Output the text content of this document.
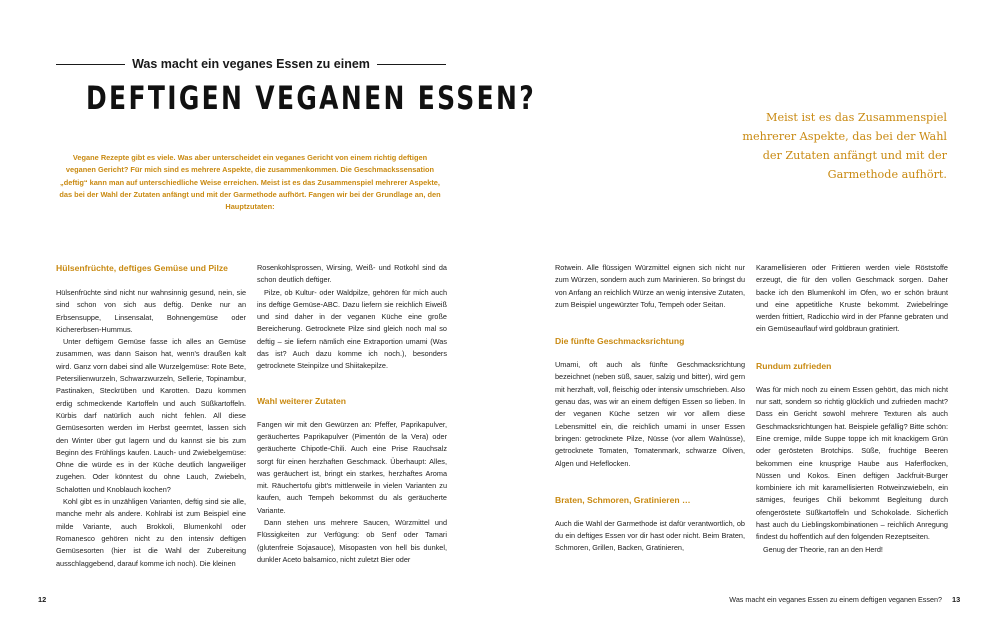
Was macht ein veganes Essen zu einem
DEFTIGEN VEGANEN ESSEN?
Vegane Rezepte gibt es viele. Was aber unterscheidet ein veganes Gericht von einem richtig deftigen veganen Gericht? Für mich sind es mehrere Aspekte, die zusammenkommen. Die Geschmackssensation „deftig“ kann man auf unterschiedliche Weise erreichen. Meist ist es das Zusammenspiel mehrerer Aspekte, das bei der Wahl der Zutaten anfängt und mit der Garmethode aufhört. Fangen wir bei der Grundlage an, den Hauptzutaten:
Meist ist es das Zusammenspiel mehrerer Aspekte, das bei der Wahl der Zutaten anfängt und mit der Garmethode aufhört.
Hülsenfrüchte, deftiges Gemüse und Pilze

Hülsenfrüchte sind nicht nur wahnsinnig gesund, nein, sie sind schon von sich aus deftig. Denke nur an Erbsensuppe, Linsensalat, Bohnengemüse oder Kichererbsen-Hummus.

Unter deftigem Gemüse fasse ich alles an Gemüse zusammen, was dann Saison hat, wenn's draußen kalt wird. Ganz vorn dabei sind alle Wurzelgemüse: Rote Bete, Petersilienwurzeln, Schwarzwurzeln, Sellerie, Topinambur, Pastinaken, Steckrüben und Karotten. Dazu kommen erdig schmeckende Kartoffeln und auch Süßkartoffeln. Kürbis darf natürlich auch nicht fehlen. All diese Gemüsesorten werden im Herbst geerntet, lassen sich den Winter über gut lagern und du kannst sie bis zum Beginn des Frühlings kaufen. Lauch- und Zwiebelgemüse: Ohne die würde es in der Küche deutlich langweiliger zugehen. Oder könntest du ohne Lauch, Zwiebeln, Schalotten und Knoblauch kochen?

Kohl gibt es in unzähligen Varianten, deftig sind sie alle, manche mehr als andere. Kohlrabi ist zum Beispiel eine milde Variante, auch Brokkoli, Blumenkohl oder Romanesco gehören nicht zu den intensiv deftigen Gemüsesorten (hier ist die Wahl der Zubereitung ausschlaggebend, darauf komme ich noch). Die kleinen

Rosenkohlsprossen, Wirsing, Weiß- und Rotkohl sind da schon deutlich deftiger.

Pilze, ob Kultur- oder Waldpilze, gehören für mich auch ins deftige Gemüse-ABC. Dazu liefern sie reichlich Eiweiß und sind daher in der veganen Küche eine große Bereicherung. Getrocknete Pilze sind gleich noch mal so deftig – sie liefern nämlich eine Extraportion umami (Was das ist? Auch dazu komme ich noch.), besonders getrocknete Steinpilze und Shiitakepilze.

Wahl weiterer Zutaten

Fangen wir mit den Gewürzen an: Pfeffer, Paprikapulver, geräuchertes Paprikapulver (Pimentón de la Vera) oder geräucherte Chipotle-Chili. Auch eine Prise Rauchsalz sorgt für einen herzhaften Geschmack. Überhaupt: Alles, was geräuchert ist, bringt ein starkes, herzhaftes Aroma mit. Räuchertofu gibt's mittlerweile in vielen Varianten zu kaufen, auch Tempeh bekommst du als geräucherte Variante.

Dann stehen uns mehrere Saucen, Würzmittel und Flüssigkeiten zur Verfügung: ob Senf oder Tamari (glutenfreie Sojasauce), Misopasten von hell bis dunkel, dunkler Aceto balsamico, nicht zuletzt Bier oder

Rotwein. Alle flüssigen Würzmittel eignen sich nicht nur zum Würzen, sondern auch zum Marinieren. So bringst du von Anfang an reichlich Würze an wenig intensive Zutaten, zum Beispiel ungewürzter Tofu, Tempeh oder Seitan.

Die fünfte Geschmacksrichtung

Umami, oft auch als fünfte Geschmacksrichtung bezeichnet (neben süß, sauer, salzig und bitter), wird gern mit herzhaft, voll, fleischig oder intensiv umschrieben. Also genau das, was wir an einem deftigen Essen so lieben. In der veganen Küche setzen wir vor allem diese Lebensmittel ein, die reichlich umami in unser Essen bringen: getrocknete Pilze, Nüsse (vor allem Walnüsse), getrocknete Tomaten, Tomatenmark, schwarze Oliven, Algen und Hefeflocken.

Braten, Schmoren, Gratinieren …

Auch die Wahl der Garmethode ist dafür verantwortlich, ob du ein deftiges Essen vor dir hast oder nicht. Beim Braten, Schmoren, Grillen, Backen, Gratinieren,

Karamellisieren oder Frittieren werden viele Röststoffe erzeugt, die für den vollen Geschmack sorgen. Daher backe ich den Blumenkohl im Ofen, wo er schön bräunt und eine appetitliche Kruste bekommt. Zwiebelringe werden frittiert, Radicchio wird in der Pfanne gebraten und ein Gemüseauflauf wird goldbraun gratiniert.

Rundum zufrieden

Was für mich noch zu einem Essen gehört, das mich nicht nur satt, sondern so richtig glücklich und zufrieden macht? Dass ein Gericht sowohl mehrere Texturen als auch Geschmacksrichtungen hat. Beispiele gefällig? Bitte schön: Eine cremige, milde Suppe toppe ich mit knackigem Grün oder gerösteten Brotchips. Süße, fruchtige Beeren bekommen eine knusprige Haube aus Haferflocken, Nüssen und Kokos. Einen deftigen Jackfruit-Burger kombiniere ich mit karamellisierten Rotweinzwiebeln, ein sämiges, feuriges Chili bekommt Begleitung durch ofengeröstete Süßkartoffeln und Schokolade. Sicherlich hast auch du Lieblingskombinationen – reichlich Anregung findest du hoffentlich auf den folgenden Rezeptseiten.

Genug der Theorie, ran an den Herd!

12	Was macht ein veganes Essen zu einem deftigen veganen Essen? 13
